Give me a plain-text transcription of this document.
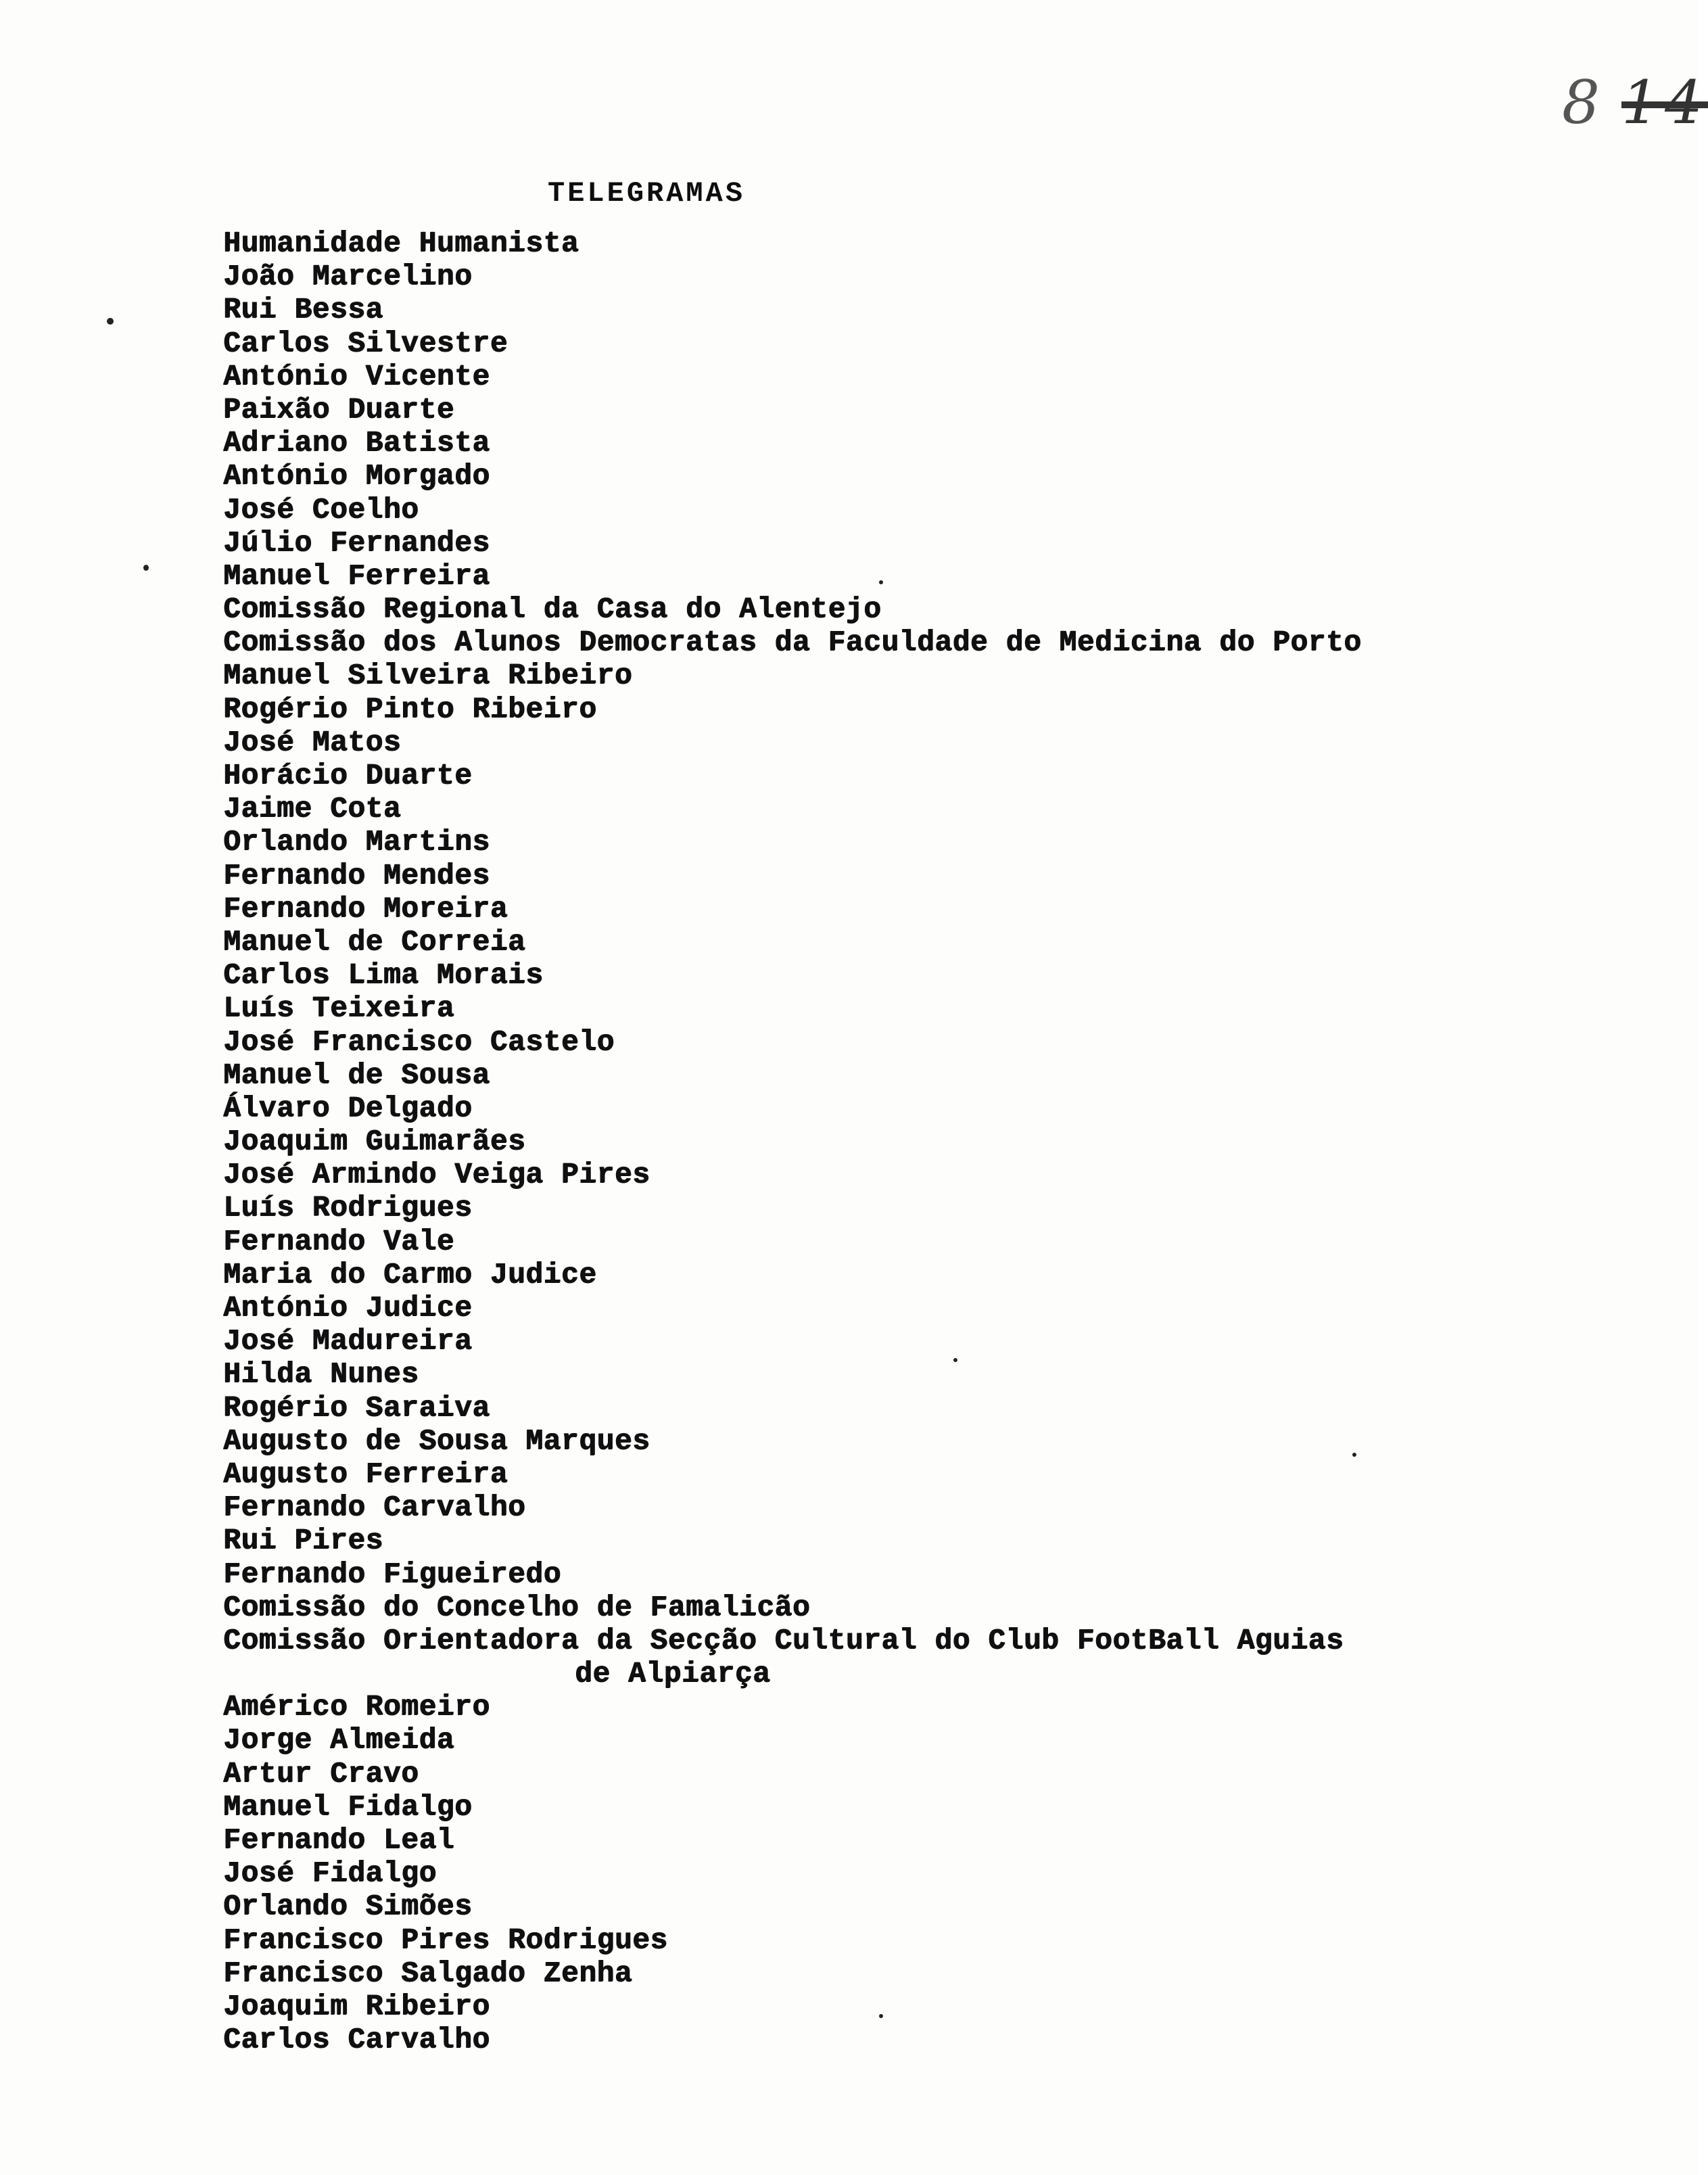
8 14
TELEGRAMAS
Humanidade Humanista
João Marcelino
Rui Bessa
Carlos Silvestre
António Vicente
Paixão Duarte
Adriano Batista
António Morgado
José Coelho
Júlio Fernandes
Manuel Ferreira
Comissão Regional da Casa do Alentejo
Comissão dos Alunos Democratas da Faculdade de Medicina do Porto
Manuel Silveira Ribeiro
Rogério Pinto Ribeiro
José Matos
Horácio Duarte
Jaime Cota
Orlando Martins
Fernando Mendes
Fernando Moreira
Manuel de Correia
Carlos Lima Morais
Luís Teixeira
José Francisco Castelo
Manuel de Sousa
Álvaro Delgado
Joaquim Guimarães
José Armindo Veiga Pires
Luís Rodrigues
Fernando Vale
Maria do Carmo Judice
António Judice
José Madureira
Hilda Nunes
Rogério Saraiva
Augusto de Sousa Marques
Augusto Ferreira
Fernando Carvalho
Rui Pires
Fernando Figueiredo
Comissão do Concelho de Famalicão
Comissão Orientadora da Secção Cultural do Club FootBall Aguias
de Alpiarça
Américo Romeiro
Jorge Almeida
Artur Cravo
Manuel Fidalgo
Fernando Leal
José Fidalgo
Orlando Simões
Francisco Pires Rodrigues
Francisco Salgado Zenha
Joaquim Ribeiro
Carlos Carvalho
